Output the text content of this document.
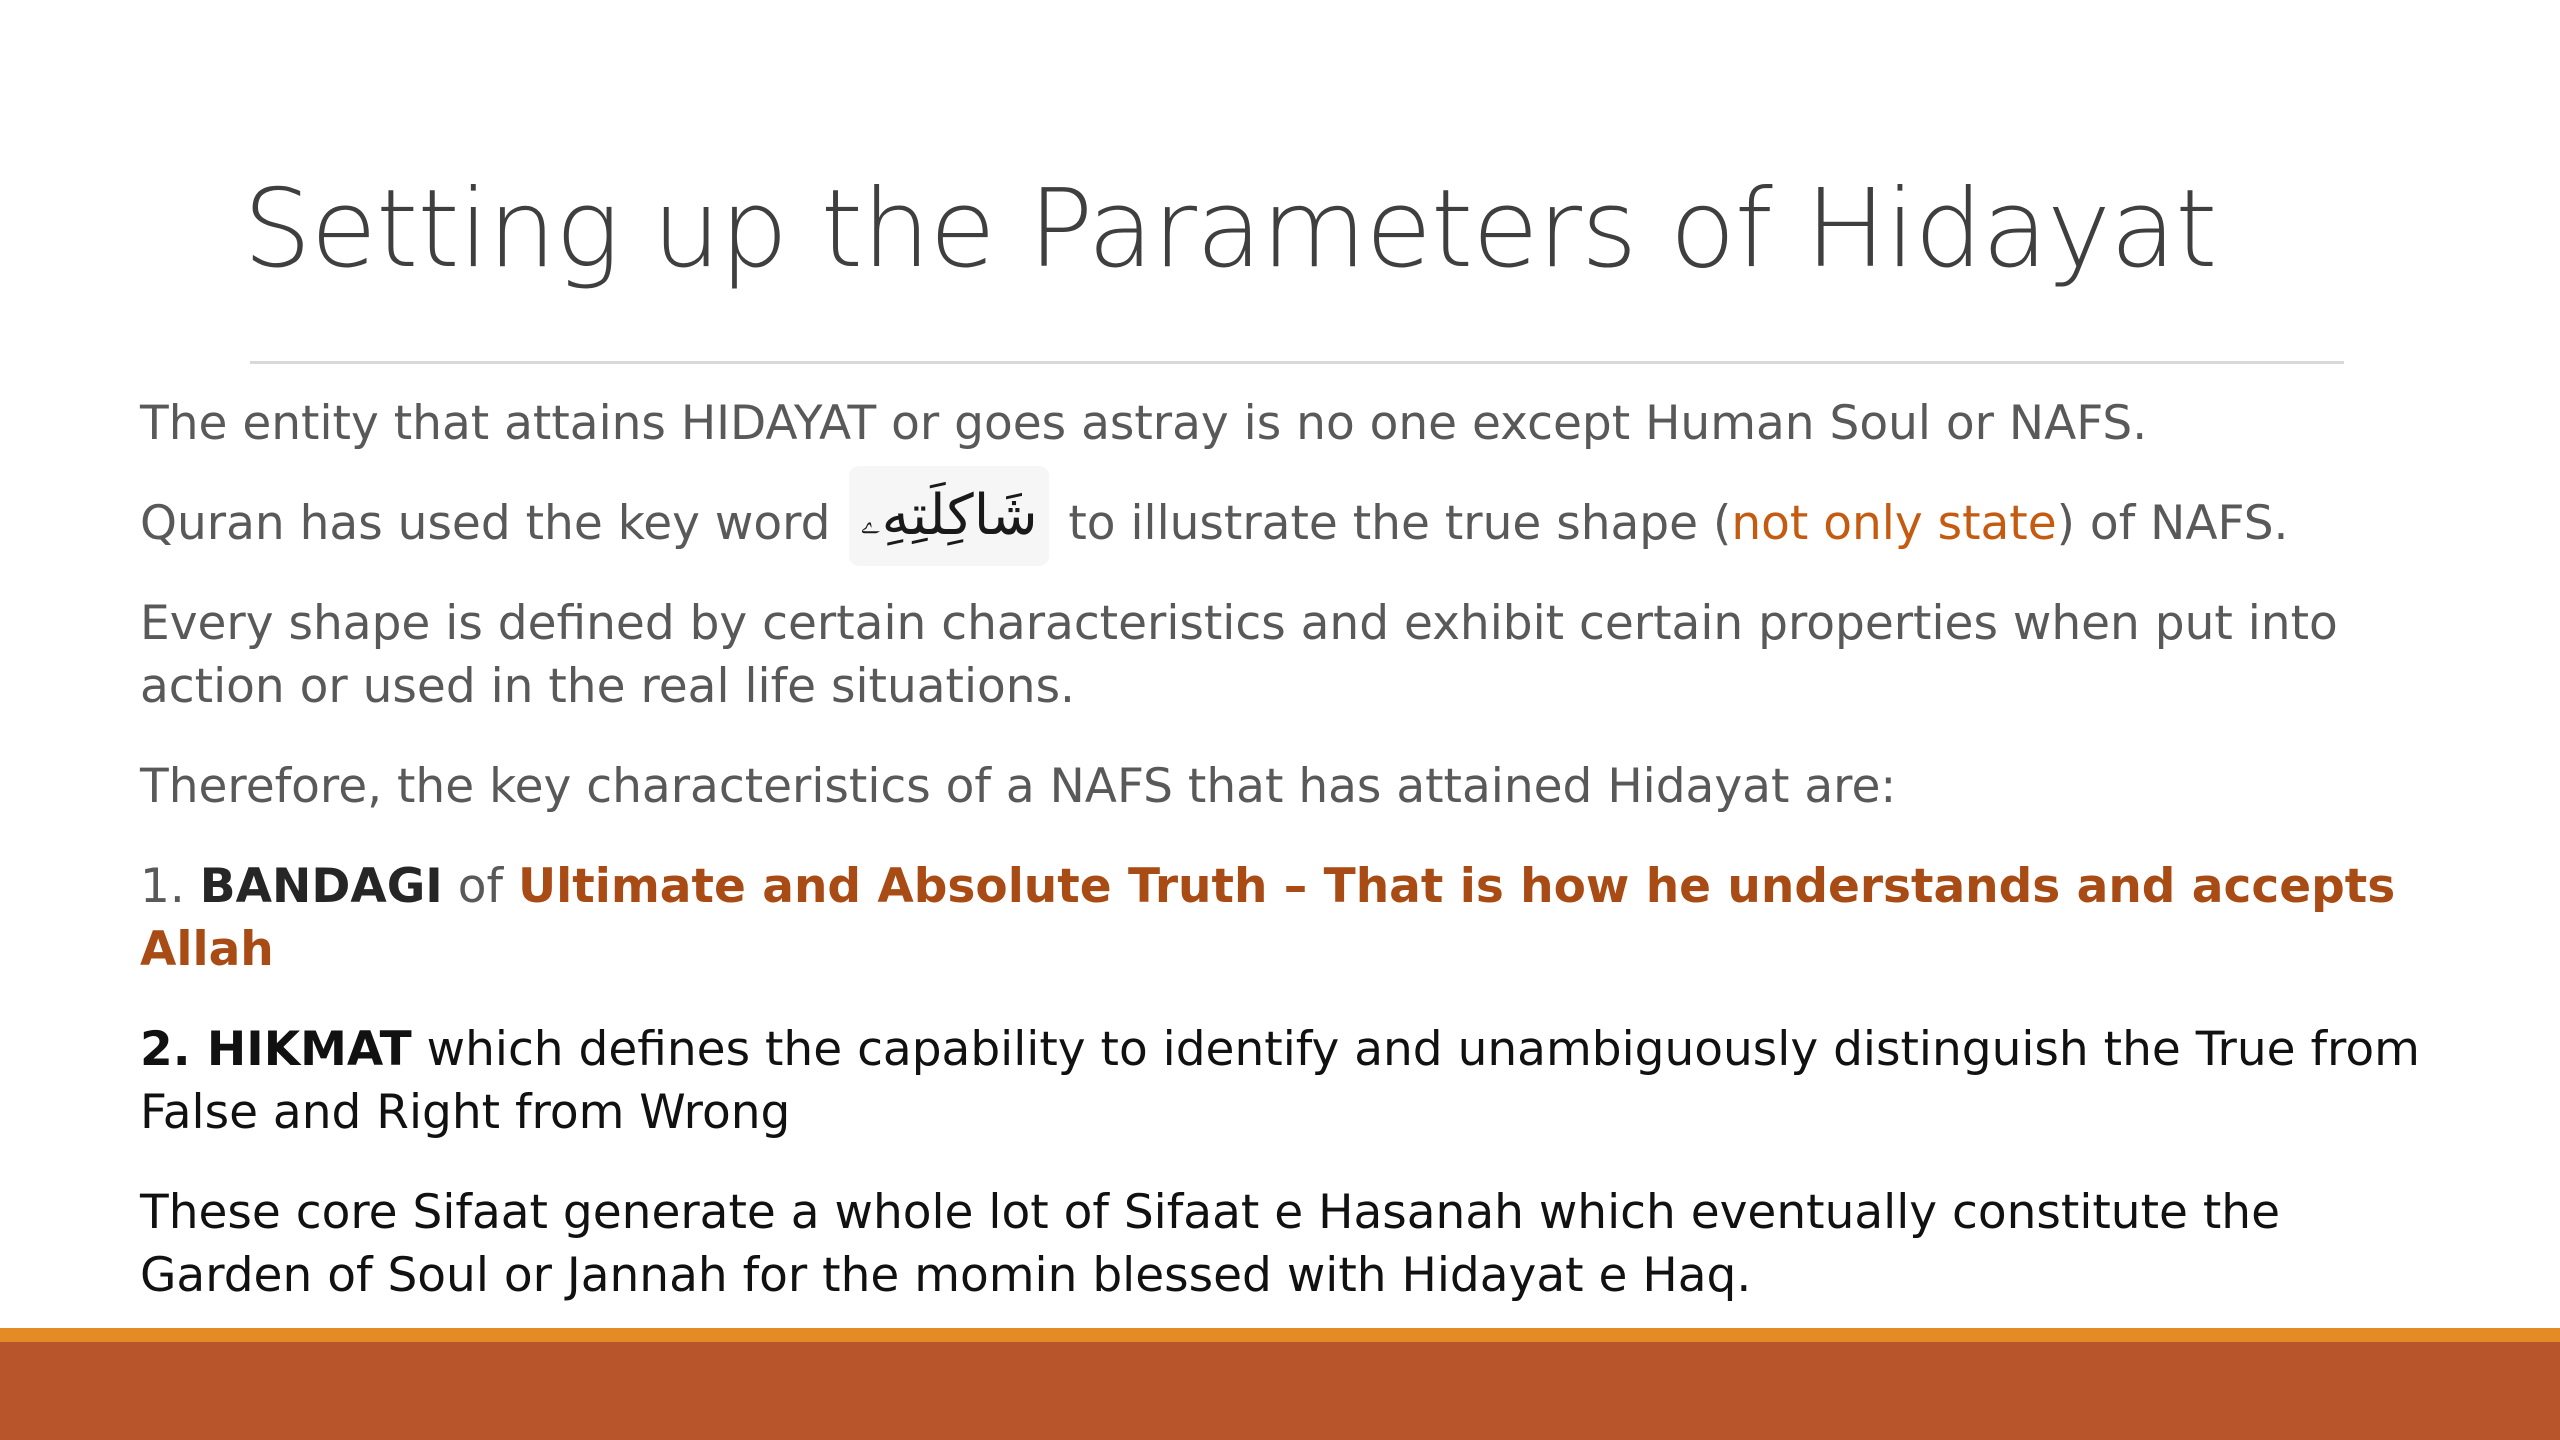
Setting up the Parameters of Hidayat

The entity that attains HIDAYAT or goes astray is no one except Human Soul or NAFS.

Quran has used the key word شَاكِلَتِهِۦ to illustrate the true shape (not only state) of NAFS.

Every shape is defined by certain characteristics and exhibit certain properties when put into action or used in the real life situations.

Therefore, the key characteristics of a NAFS that has attained Hidayat are:

1. BANDAGI of Ultimate and Absolute Truth – That is how he understands and accepts Allah

2. HIKMAT which defines the capability to identify and unambiguously distinguish the True from False and Right from Wrong

These core Sifaat generate a whole lot of Sifaat e Hasanah which eventually constitute the Garden of Soul or Jannah for the momin blessed with Hidayat e Haq.
